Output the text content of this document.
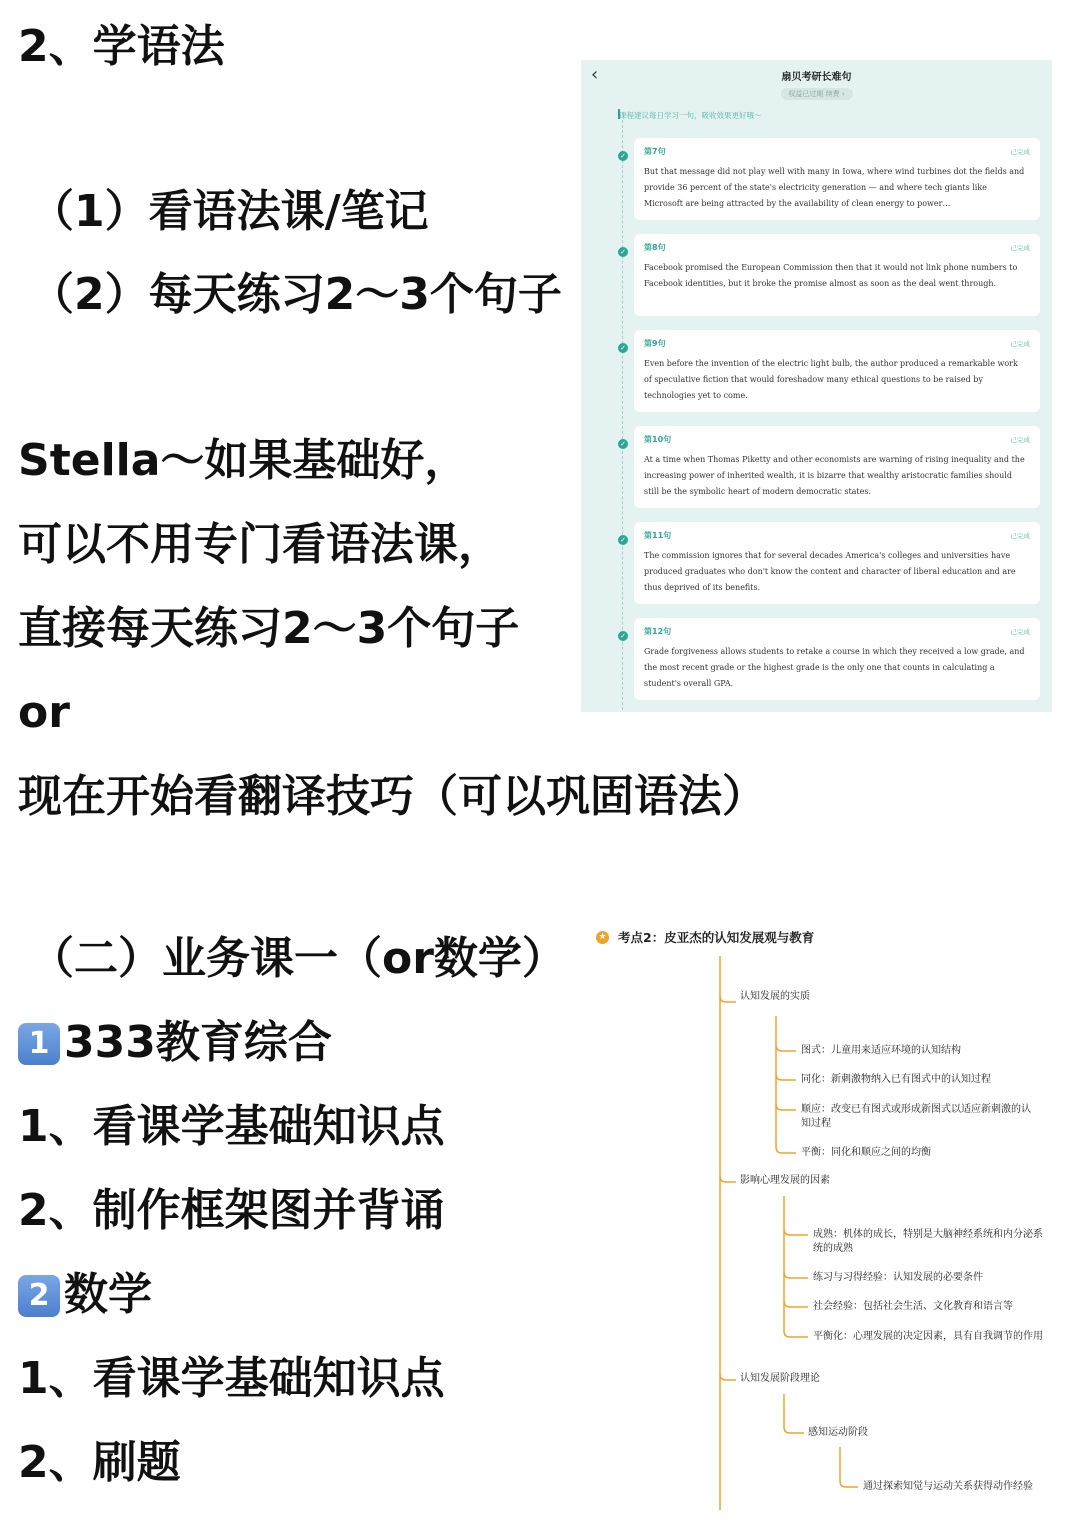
2、学语法

（1）看语法课/笔记

（2）每天练习2～3个句子

Stella～如果基础好，

可以不用专门看语法课，

直接每天练习2～3个句子

or

现在开始看翻译技巧（可以巩固语法）

（二）业务课一（or数学）

1 333教育综合

1、看课学基础知识点

2、制作框架图并背诵

2 数学

1、看课学基础知识点

2、刷题

‹	扇贝考研长难句
权益已过期 续费 ›
课程建议每日学习一句，吸收效果更好哦～
✓ 第7句	已完成
But that message did not play well with many in Iowa, where wind turbines dot the fields and provide 36 percent of the state's electricity generation — and where tech giants like Microsoft are being attracted by the availability of clean energy to power…
✓ 第8句	已完成
Facebook promised the European Commission then that it would not link phone numbers to Facebook identities, but it broke the promise almost as soon as the deal went through.
✓ 第9句	已完成
Even before the invention of the electric light bulb, the author produced a remarkable work of speculative fiction that would foreshadow many ethical questions to be raised by technologies yet to come.
✓ 第10句	已完成
At a time when Thomas Piketty and other economists are warning of rising inequality and the increasing power of inherited wealth, it is bizarre that wealthy aristocratic families should still be the symbolic heart of modern democratic states.
✓ 第11句	已完成
The commission ignores that for several decades America's colleges and universities have produced graduates who don't know the content and character of liberal education and are thus deprived of its benefits.
✓ 第12句	已完成
Grade forgiveness allows students to retake a course in which they received a low grade, and the most recent grade or the highest grade is the only one that counts in calculating a student's overall GPA.
★ 考点2：皮亚杰的认知发展观与教育
认知发展的实质
图式：儿童用来适应环境的认知结构
同化：新刺激物纳入已有图式中的认知过程
顺应：改变已有图式或形成新图式以适应新刺激的认知过程
平衡：同化和顺应之间的均衡
影响心理发展的因素
成熟：机体的成长，特别是大脑神经系统和内分泌系统的成熟
练习与习得经验：认知发展的必要条件
社会经验：包括社会生活、文化教育和语言等
平衡化：心理发展的决定因素，具有自我调节的作用
认知发展阶段理论
感知运动阶段
通过探索知觉与运动关系获得动作经验
